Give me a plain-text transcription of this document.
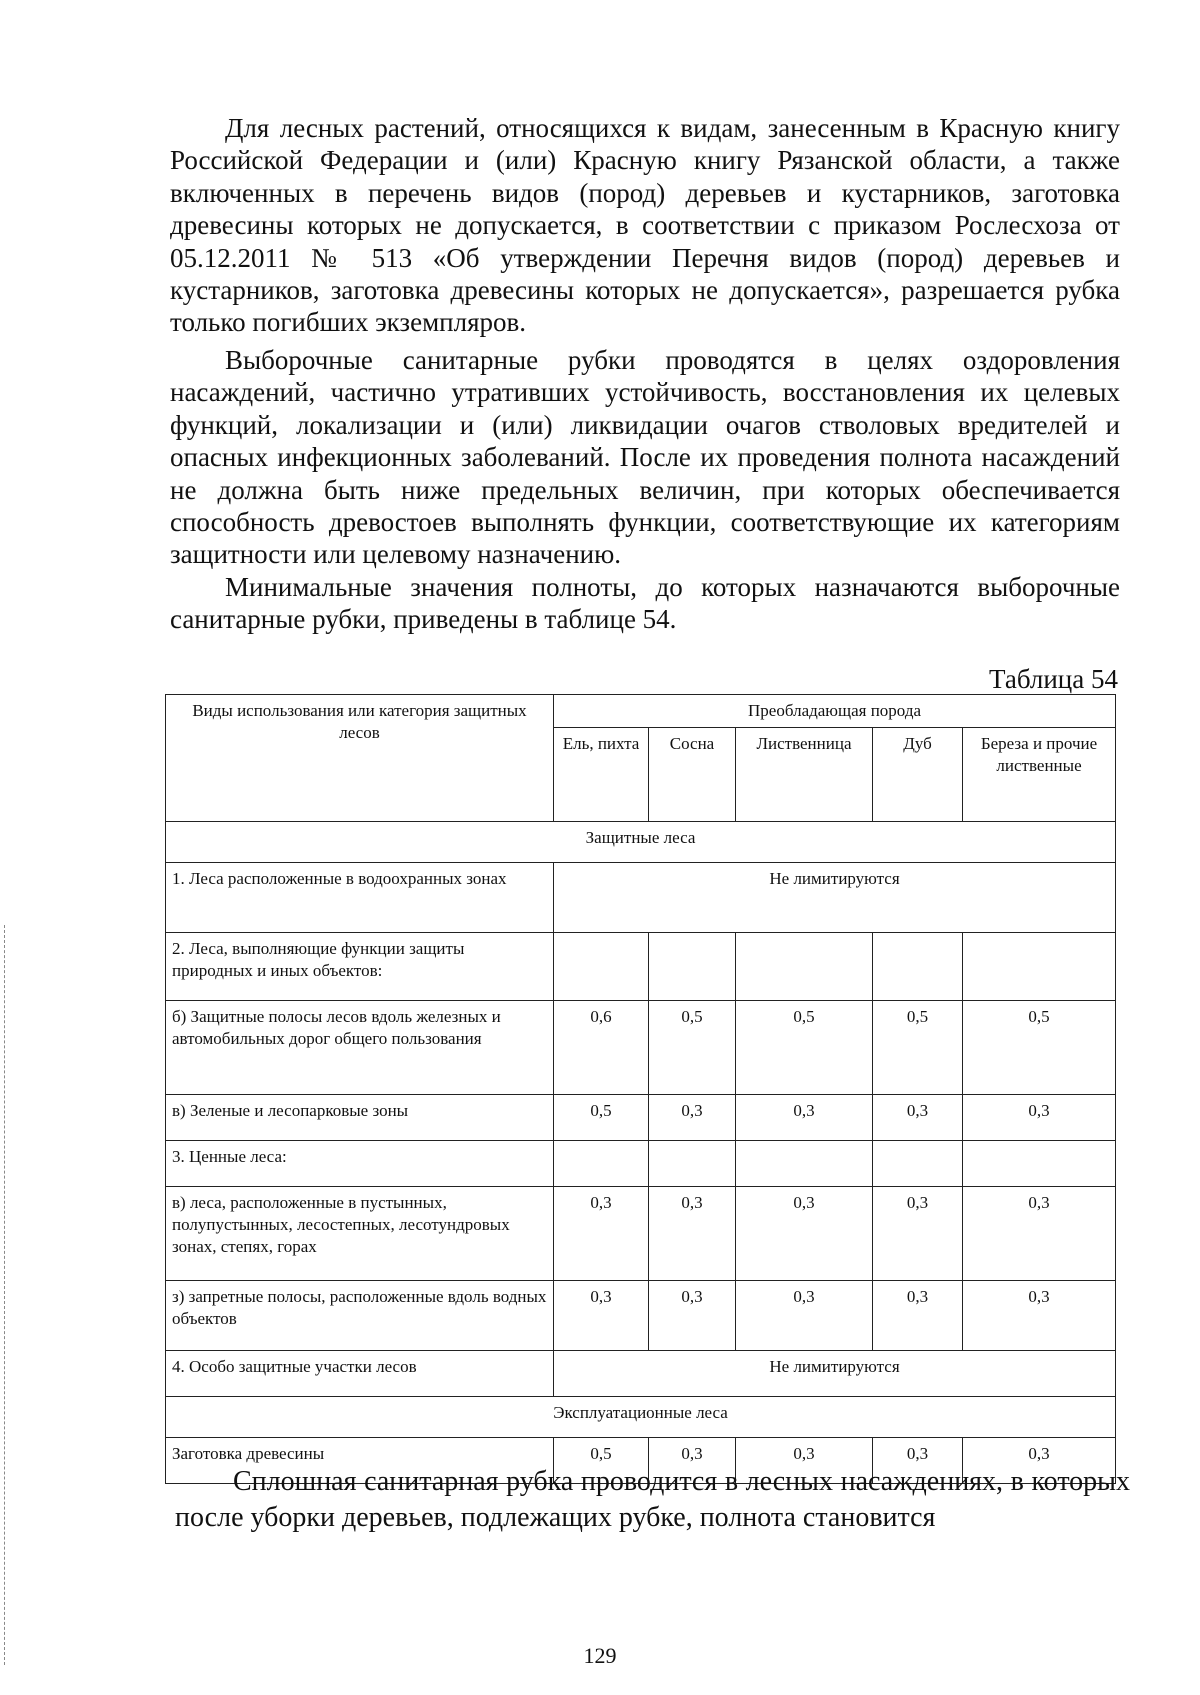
Для лесных растений, относящихся к видам, занесенным в Красную книгу Российской Федерации и (или) Красную книгу Рязанской области, а также включенных в перечень видов (пород) деревьев и кустарников, заготовка древесины которых не допускается, в соответствии с приказом Рослесхоза от 05.12.2011 № 513 «Об утверждении Перечня видов (пород) деревьев и кустарников, заготовка древесины которых не допускается», разрешается рубка только погибших экземпляров.

Выборочные санитарные рубки проводятся в целях оздоровления насаждений, частично утративших устойчивость, восстановления их целевых функций, локализации и (или) ликвидации очагов стволовых вредителей и опасных инфекционных заболеваний. После их проведения полнота насаждений не должна быть ниже предельных величин, при которых обеспечивается способность древостоев выполнять функции, соответствующие их категориям защитности или целевому назначению.

Минимальные значения полноты, до которых назначаются выборочные санитарные рубки, приведены в таблице 54.

Таблица 54
Виды использования или категория защитных лесов	Преобладающая порода				
	Ель, пихта	Сосна	Лиственница	Дуб	Береза и прочие лиственные
Защитные леса					
1. Леса расположенные в водоохранных зонах	Не лимитируются				
2. Леса, выполняющие функции защиты природных и иных объектов:					
б) Защитные полосы лесов вдоль железных и автомобильных дорог общего пользования	0,6	0,5	0,5	0,5	0,5
в) Зеленые и лесопарковые зоны	0,5	0,3	0,3	0,3	0,3
3. Ценные леса:					
в) леса, расположенные в пустынных, полупустынных, лесостепных, лесотундровых зонах, степях, горах	0,3	0,3	0,3	0,3	0,3
з) запретные полосы, расположенные вдоль водных объектов	0,3	0,3	0,3	0,3	0,3
4. Особо защитные участки лесов	Не лимитируются				
Эксплуатационные леса					
Заготовка древесины	0,5	0,3	0,3	0,3	0,3

Сплошная санитарная рубка проводится в лесных насаждениях, в которых после уборки деревьев, подлежащих рубке, полнота становится

129
